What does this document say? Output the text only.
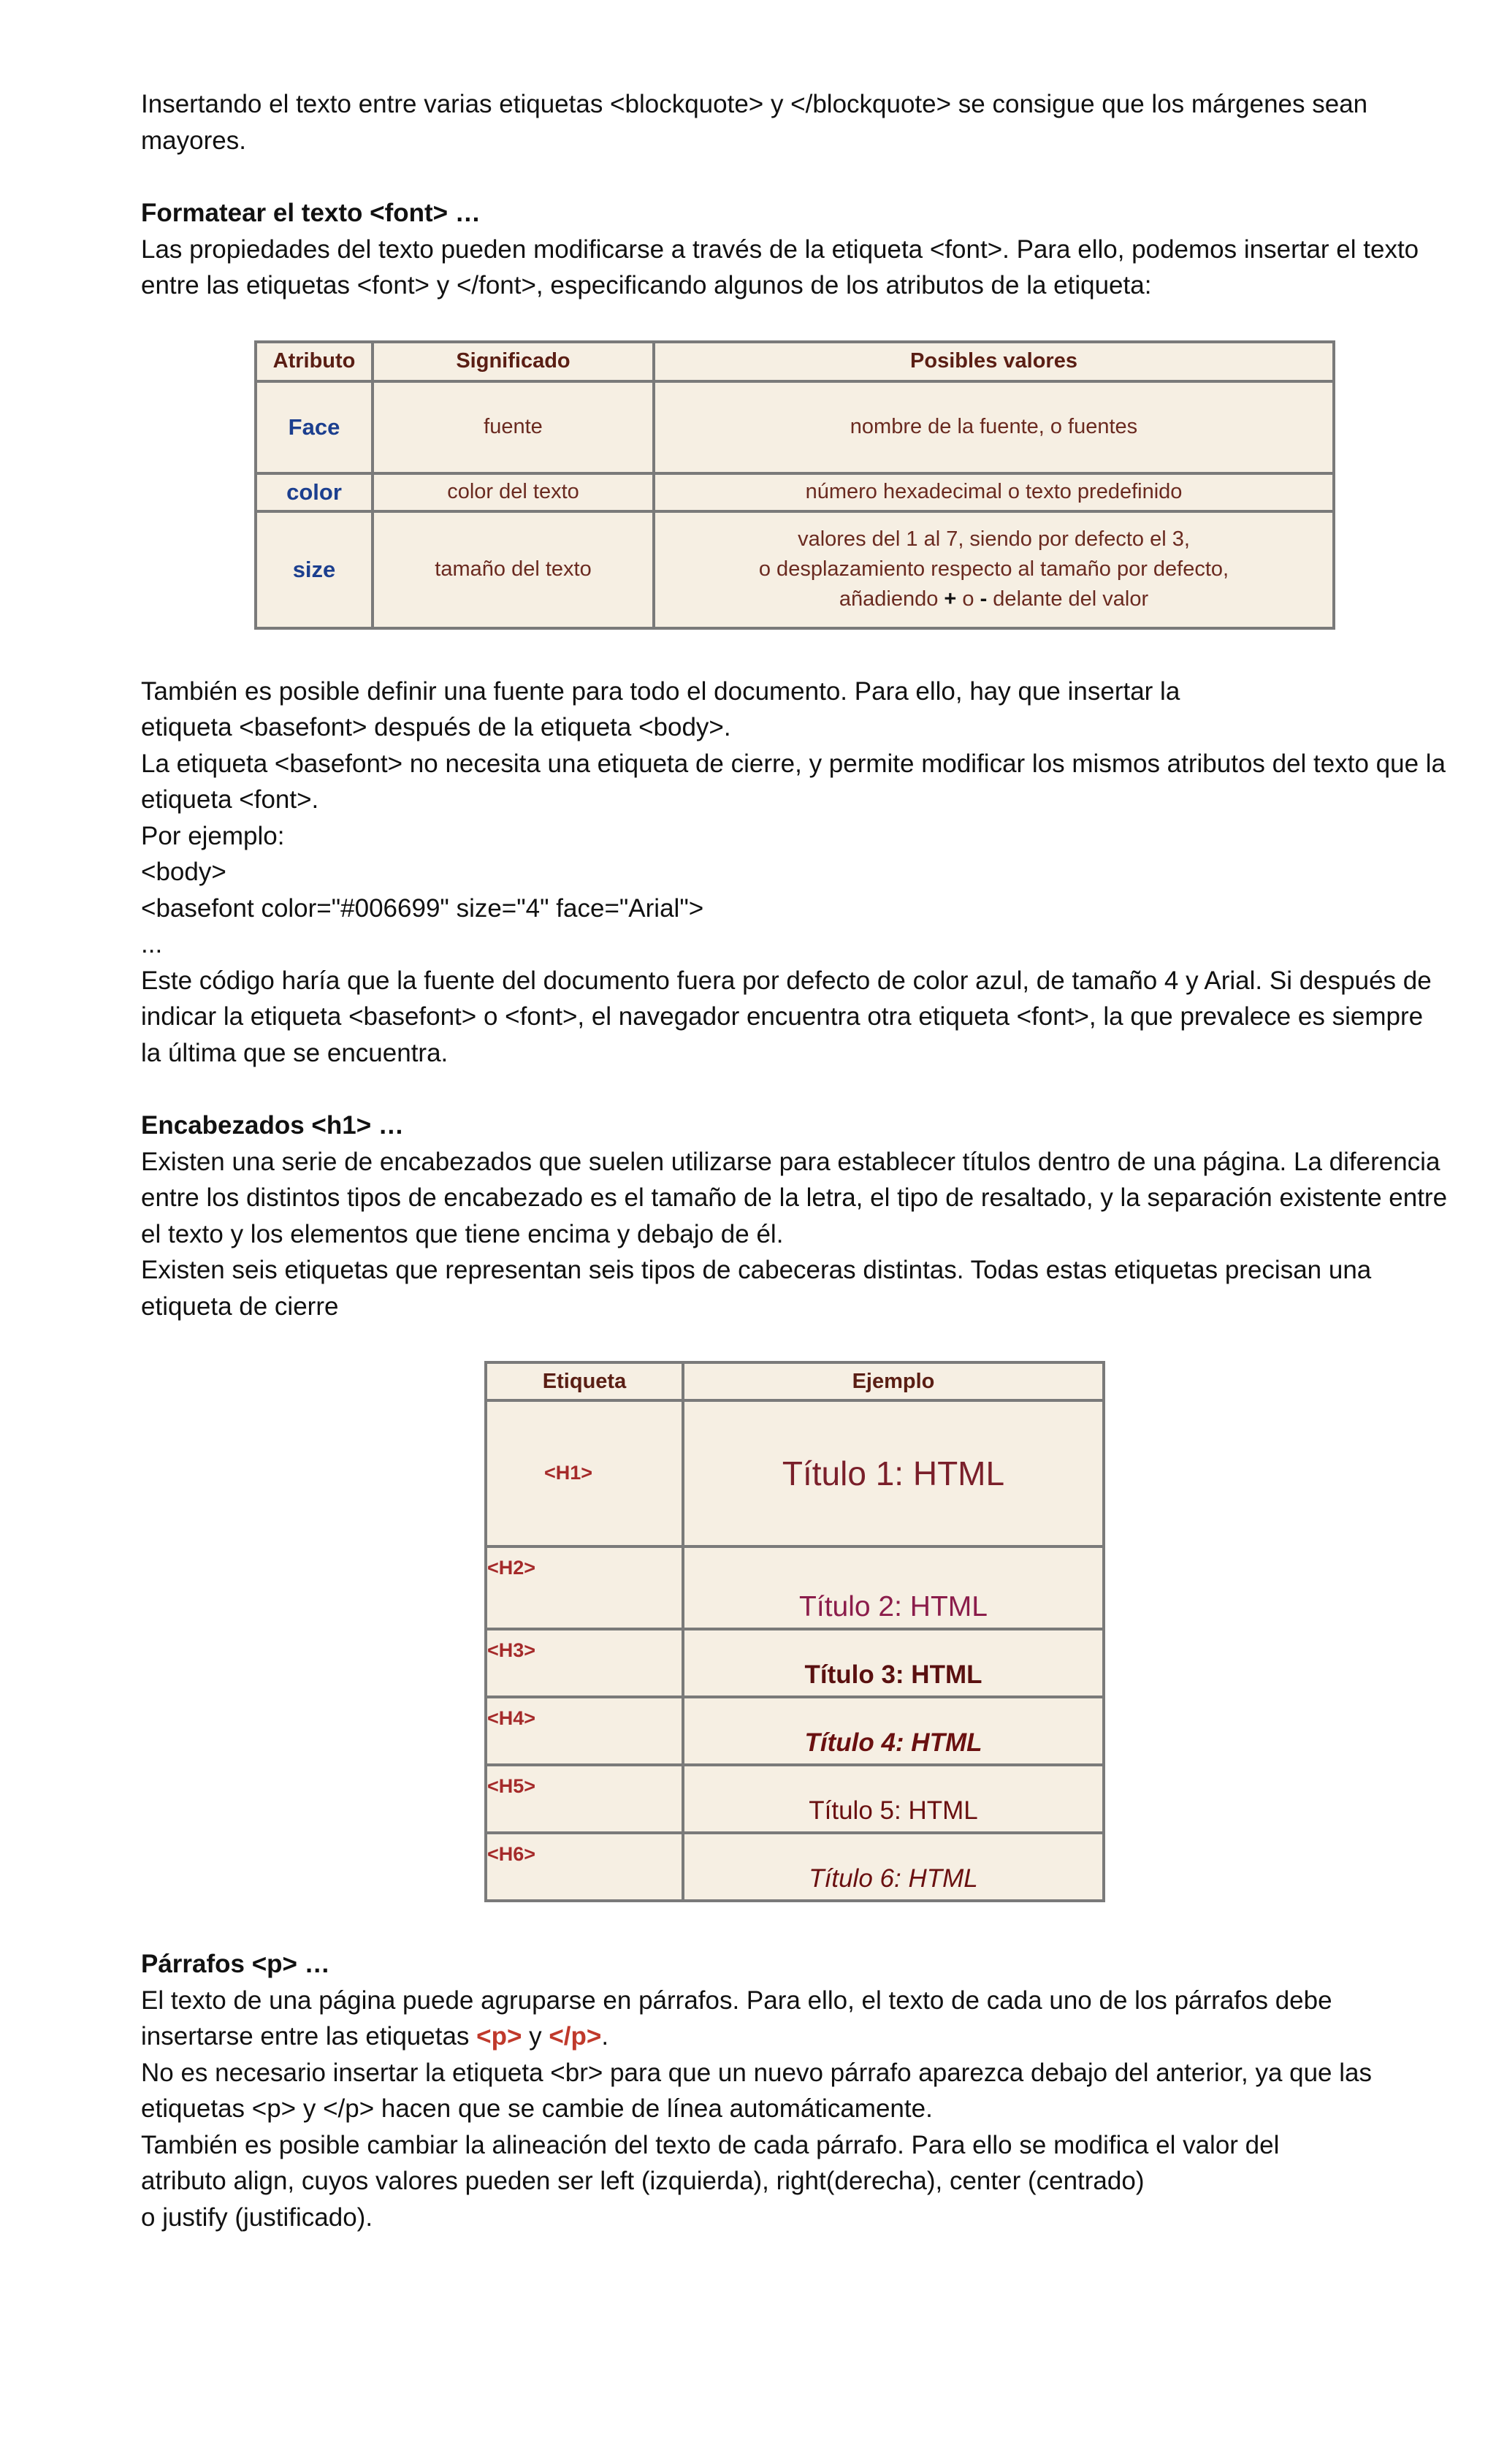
Insertando el texto entre varias etiquetas <blockquote> y </blockquote> se consigue que los márgenes sean mayores.

Formatear el texto <font> …

Las propiedades del texto pueden modificarse a través de la etiqueta <font>. Para ello, podemos insertar el texto entre las etiquetas <font> y </font>, especificando algunos de los atributos de la etiqueta:

Atributo	Significado	Posibles valores
Face	fuente	nombre de la fuente, o fuentes
color	color del texto	número hexadecimal o texto predefinido
size	tamaño del texto	valores del 1 al 7, siendo por defecto el 3,
o desplazamiento respecto al tamaño por defecto,
añadiendo + o - delante del valor

También es posible definir una fuente para todo el documento. Para ello, hay que insertar la

etiqueta <basefont> después de la etiqueta <body>.

La etiqueta <basefont> no necesita una etiqueta de cierre, y permite modificar los mismos atributos del texto que la etiqueta <font>.

Por ejemplo:

<body>

<basefont color="#006699" size="4" face="Arial">

...

Este código haría que la fuente del documento fuera por defecto de color azul, de tamaño 4 y Arial. Si después de indicar la etiqueta <basefont> o <font>, el navegador encuentra otra etiqueta <font>, la que prevalece es siempre la última que se encuentra.

Encabezados <h1> …

Existen una serie de encabezados que suelen utilizarse para establecer títulos dentro de una página. La diferencia entre los distintos tipos de encabezado es el tamaño de la letra, el tipo de resaltado, y la separación existente entre el texto y los elementos que tiene encima y debajo de él.

Existen seis etiquetas que representan seis tipos de cabeceras distintas. Todas estas etiquetas precisan una etiqueta de cierre

Etiqueta	Ejemplo
<H1>	Título 1: HTML
<H2>	Título 2: HTML
<H3>	Título 3: HTML
<H4>	Título 4: HTML
<H5>	Título 5: HTML
<H6>	Título 6: HTML

Párrafos <p> …

El texto de una página puede agruparse en párrafos. Para ello, el texto de cada uno de los párrafos debe insertarse entre las etiquetas <p> y </p>.

No es necesario insertar la etiqueta <br> para que un nuevo párrafo aparezca debajo del anterior, ya que las etiquetas <p> y </p> hacen que se cambie de línea automáticamente.

También es posible cambiar la alineación del texto de cada párrafo. Para ello se modifica el valor del

atributo align, cuyos valores pueden ser left (izquierda), right(derecha), center (centrado)

o justify (justificado).
